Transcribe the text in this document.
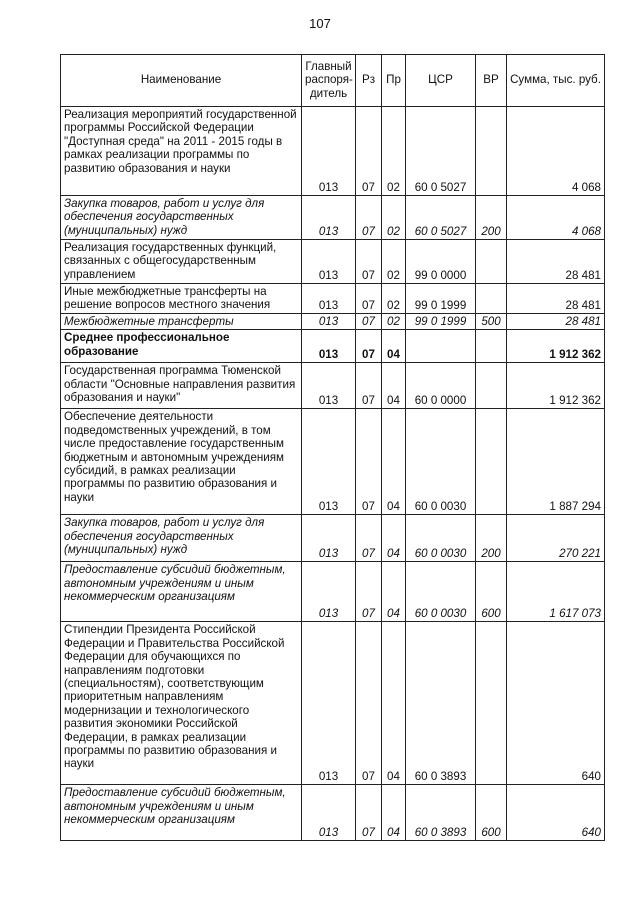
107
Наименование	Главный распоря-дитель	Рз	Пр	ЦСР	ВР	Сумма, тыс. руб.
Реализация мероприятий государственной программы Российской Федерации "Доступная среда" на 2011 - 2015 годы в рамках реализации программы по развитию образования и науки	013	07	02	60 0 5027		4 068
Закупка товаров, работ и услуг для обеспечения государственных (муниципальных) нужд	013	07	02	60 0 5027	200	4 068
Реализация государственных функций, связанных с общегосударственным управлением	013	07	02	99 0 0000		28 481
Иные межбюджетные трансферты на решение вопросов местного значения	013	07	02	99 0 1999		28 481
Межбюджетные трансферты	013	07	02	99 0 1999	500	28 481
Среднее профессиональное образование	013	07	04			1 912 362
Государственная программа Тюменской области "Основные направления развития образования и науки"	013	07	04	60 0 0000		1 912 362
Обеспечение деятельности подведомственных учреждений, в том числе предоставление государственным бюджетным и автономным учреждениям субсидий, в рамках реализации программы по развитию образования и науки	013	07	04	60 0 0030		1 887 294
Закупка товаров, работ и услуг для обеспечения государственных (муниципальных) нужд	013	07	04	60 0 0030	200	270 221
Предоставление субсидий бюджетным, автономным учреждениям и иным некоммерческим организациям	013	07	04	60 0 0030	600	1 617 073
Стипендии Президента Российской Федерации и Правительства Российской Федерации для обучающихся по направлениям подготовки (специальностям), соответствующим приоритетным направлениям модернизации и технологического развития экономики Российской Федерации, в рамках реализации программы по развитию образования и науки	013	07	04	60 0 3893		640
Предоставление субсидий бюджетным, автономным учреждениям и иным некоммерческим организациям	013	07	04	60 0 3893	600	640
